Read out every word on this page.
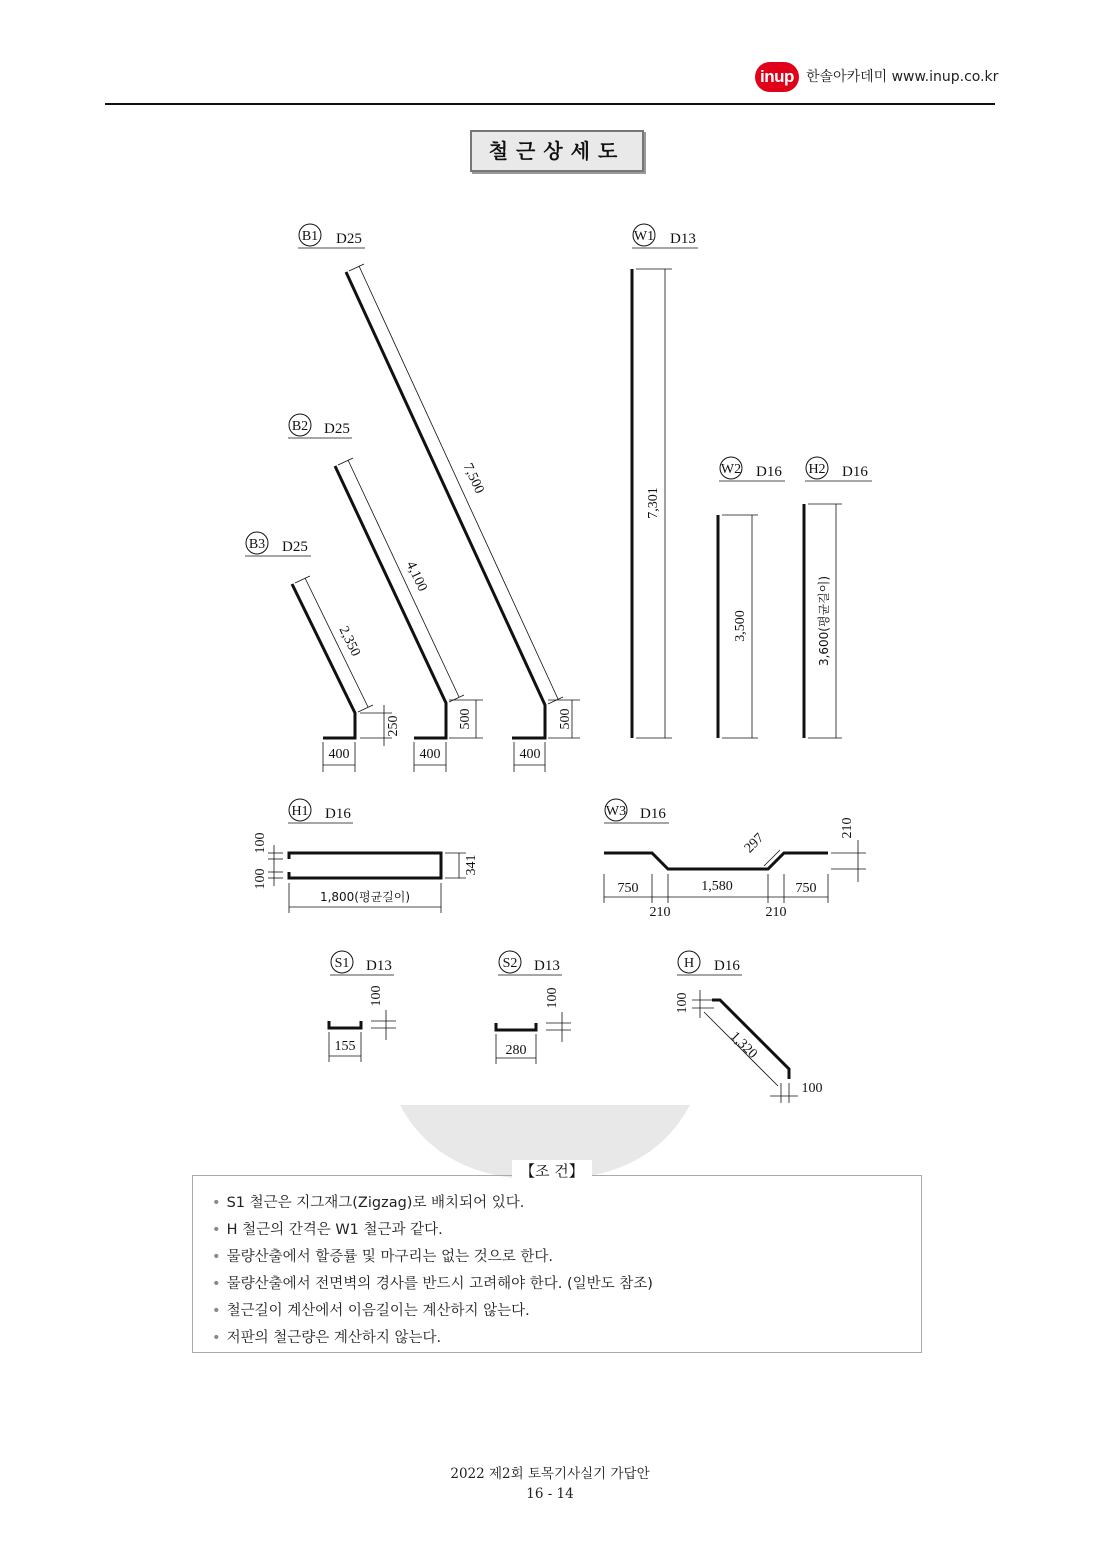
inup 한솔아카데미 www.inup.co.kr
철근상세도
B1 D25
7,500
500
400
B2 D25
4,100
500
400
B3 D25
2,350
250
400
W1 D13
7,301
W2 D16
3,500
H2 D16
3,600(평균길이)
H1 D16
100
100
341
1,800(평균길이)
W3 D16
297
210
750	1,580	750
210	210
S1 D13
100
155
S2 D13
100
280
H D16
100
1,320
100
【조 건】
• S1 철근은 지그재그(Zigzag)로 배치되어 있다.
• H 철근의 간격은 W1 철근과 같다.
• 물량산출에서 할증률 및 마구리는 없는 것으로 한다.
• 물량산출에서 전면벽의 경사를 반드시 고려해야 한다. (일반도 참조)
• 철근길이 계산에서 이음길이는 계산하지 않는다.
• 저판의 철근량은 계산하지 않는다.
2022 제2회 토목기사실기 가답안
16 - 14
